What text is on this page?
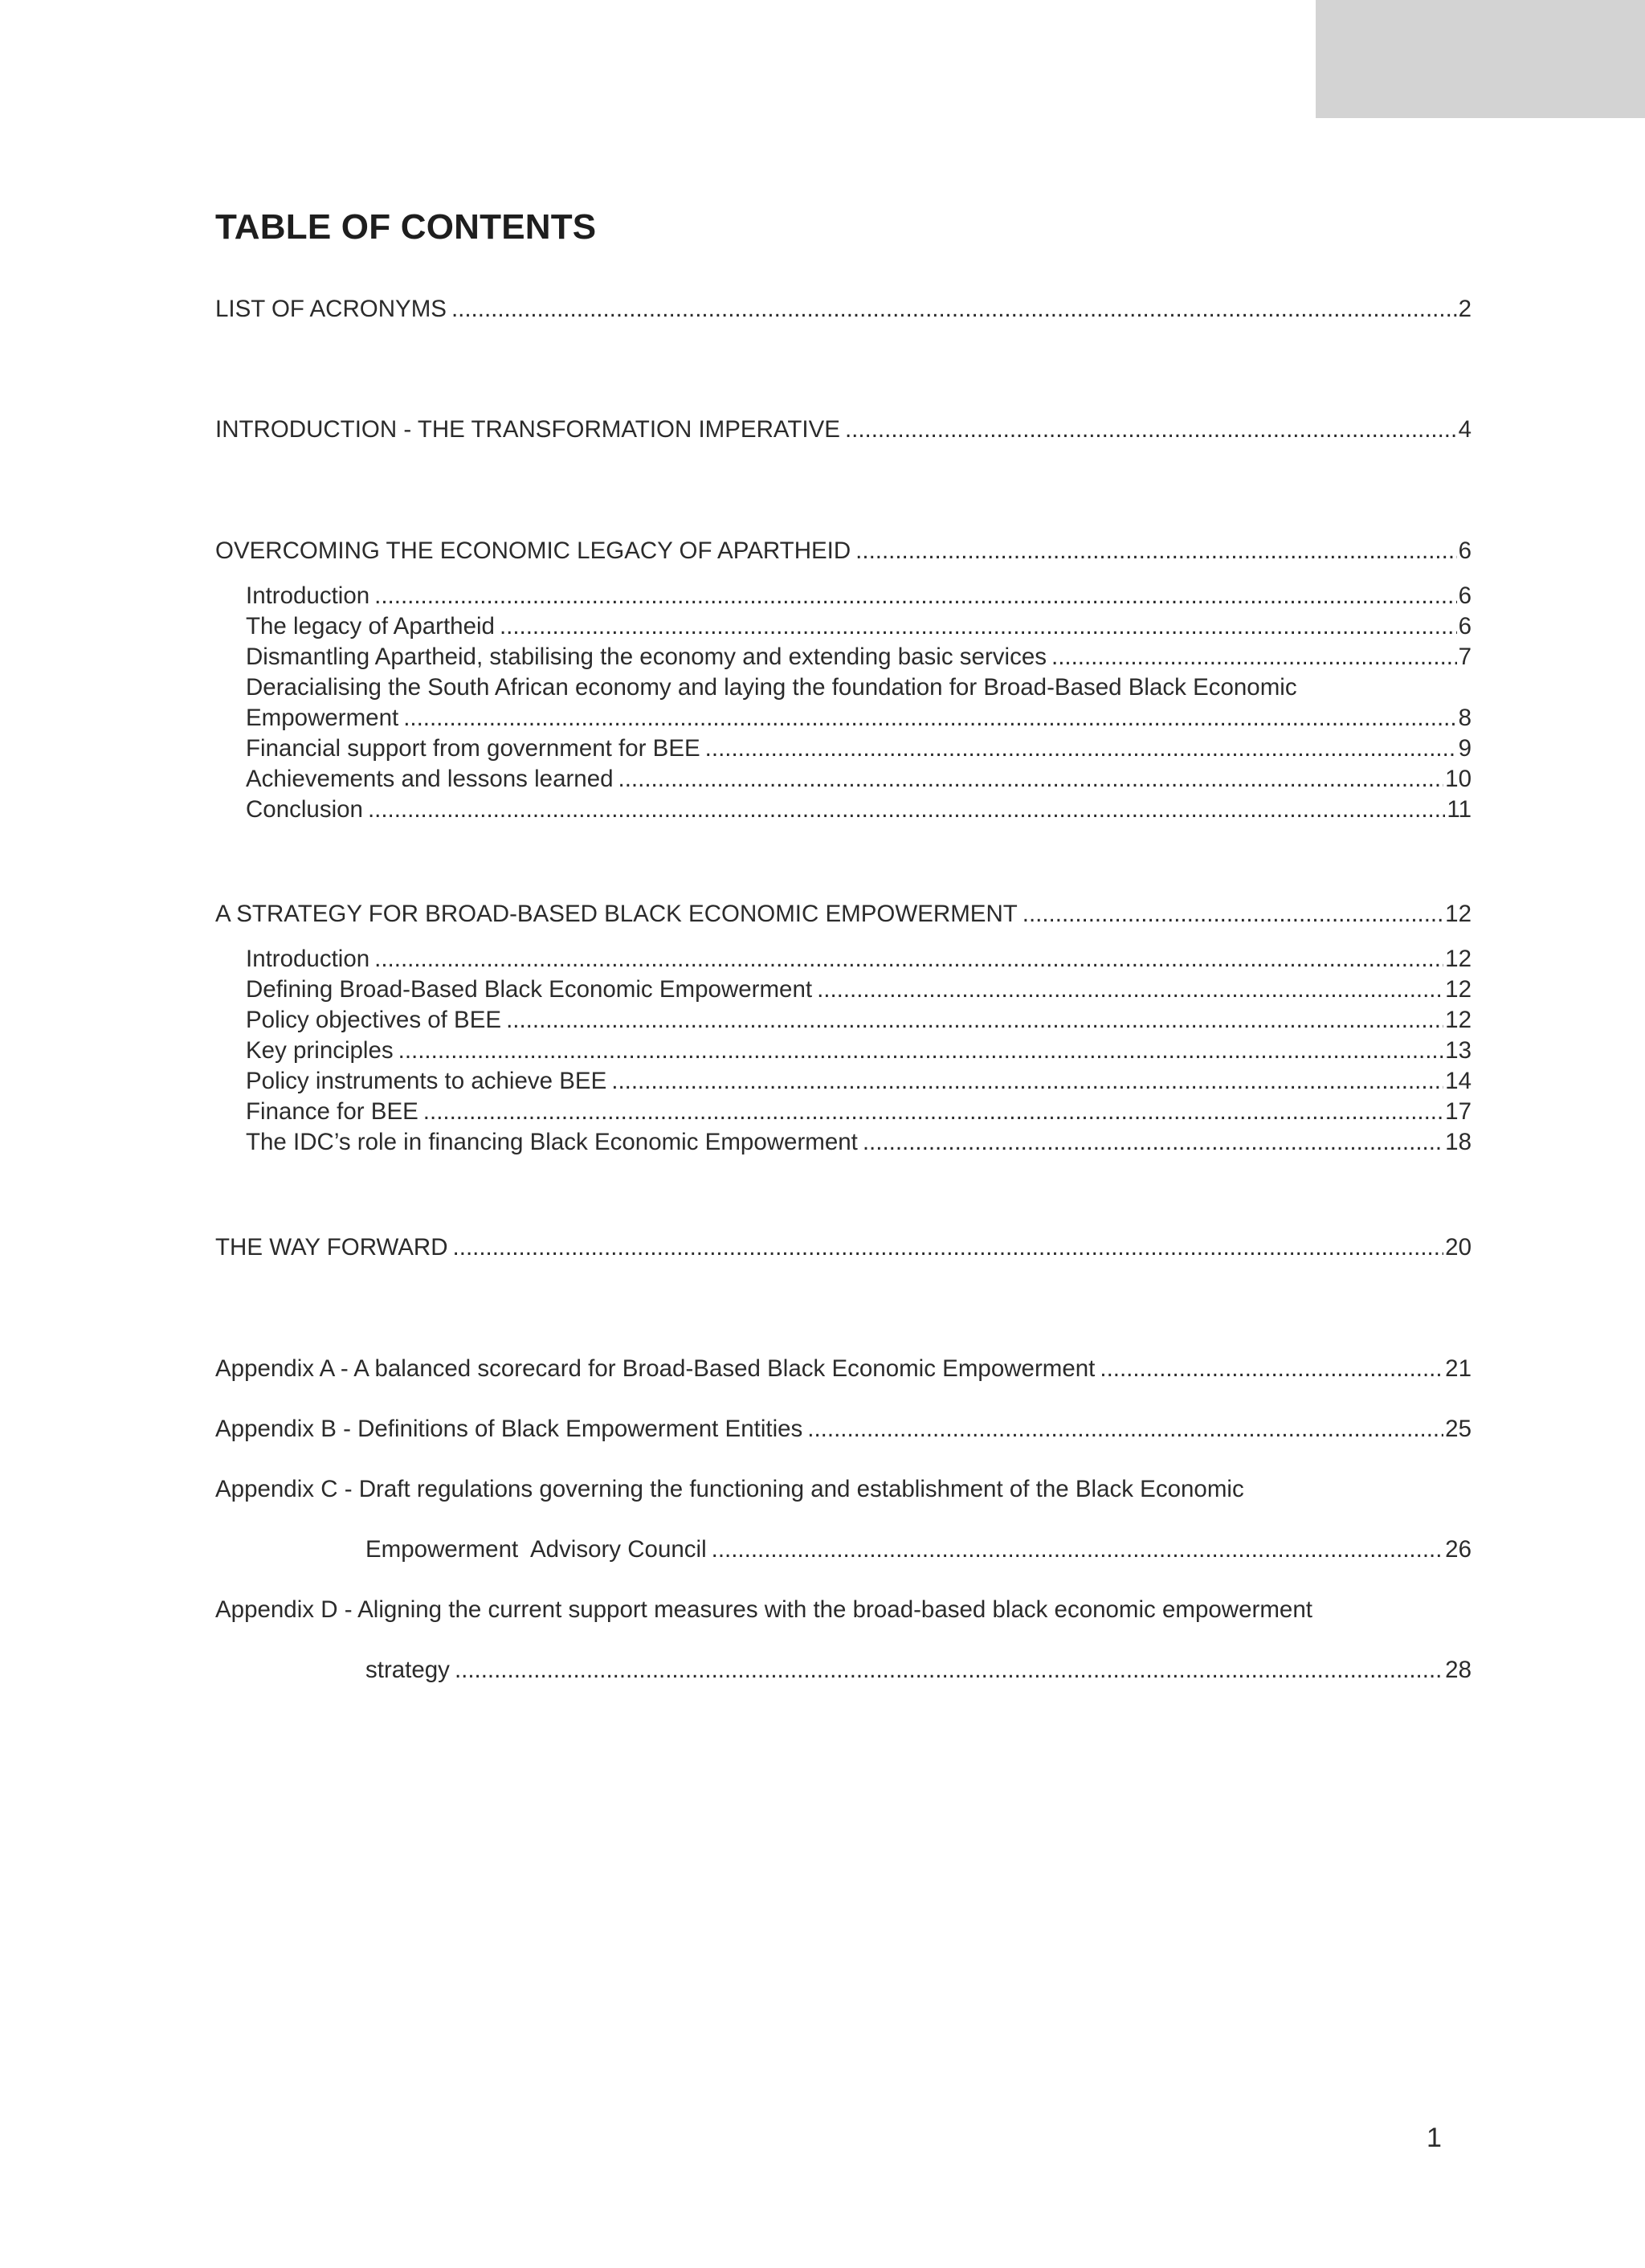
TABLE OF CONTENTS
LIST OF ACRONYMS .....	2
INTRODUCTION - THE TRANSFORMATION IMPERATIVE .....	4
OVERCOMING THE ECONOMIC LEGACY OF APARTHEID .....	6
Introduction .....	6
The legacy of Apartheid .....	6
Dismantling Apartheid, stabilising the economy and extending basic services .....	7
Deracialising the South African economy and laying the foundation for Broad-Based Black Economic
Empowerment .....	8
Financial support from government for BEE .....	9
Achievements and lessons learned .....	10
Conclusion .....	11
A STRATEGY FOR BROAD-BASED BLACK ECONOMIC EMPOWERMENT .....	12
Introduction .....	12
Defining Broad-Based Black Economic Empowerment .....	12
Policy objectives of BEE .....	12
Key principles .....	13
Policy instruments to achieve BEE .....	14
Finance for BEE .....	17
The IDC’s role in financing Black Economic Empowerment .....	18
THE WAY FORWARD .....	20
Appendix A - A balanced scorecard for Broad-Based Black Economic Empowerment .....	21
Appendix B - Definitions of Black Empowerment Entities .....	25
Appendix C - Draft regulations governing the functioning and establishment of the Black Economic
Empowerment  Advisory Council .....	26
Appendix D - Aligning the current support measures with the broad-based black economic empowerment
strategy .....	28
1
